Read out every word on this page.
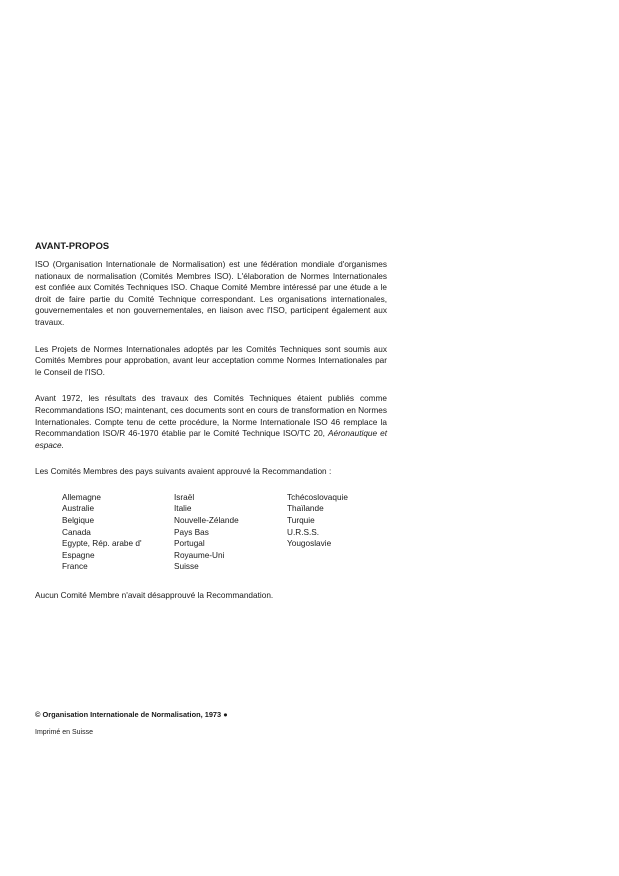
AVANT-PROPOS

ISO (Organisation Internationale de Normalisation) est une fédération mondiale d'organismes nationaux de normalisation (Comités Membres ISO). L'élaboration de Normes Internationales est confiée aux Comités Techniques ISO. Chaque Comité Membre intéressé par une étude a le droit de faire partie du Comité Technique correspondant. Les organisations internationales, gouvernementales et non gouvernementales, en liaison avec l'ISO, participent également aux travaux.

Les Projets de Normes Internationales adoptés par les Comités Techniques sont soumis aux Comités Membres pour approbation, avant leur acceptation comme Normes Internationales par le Conseil de l'ISO.

Avant 1972, les résultats des travaux des Comités Techniques étaient publiés comme Recommandations ISO; maintenant, ces documents sont en cours de transformation en Normes Internationales. Compte tenu de cette procédure, la Norme Internationale ISO 46 remplace la Recommandation ISO/R 46-1970 établie par le Comité Technique ISO/TC 20, Aéronautique et espace.

Les Comités Membres des pays suivants avaient approuvé la Recommandation :
Allemagne
Australie
Belgique
Canada
Egypte, Rép. arabe d'
Espagne
France
Israël
Italie
Nouvelle-Zélande
Pays Bas
Portugal
Royaume-Uni
Suisse
Tchécoslovaquie
Thaïlande
Turquie
U.R.S.S.
Yougoslavie

Aucun Comité Membre n'avait désapprouvé la Recommandation.

© Organisation Internationale de Normalisation, 1973 ●
Imprimé en Suisse
